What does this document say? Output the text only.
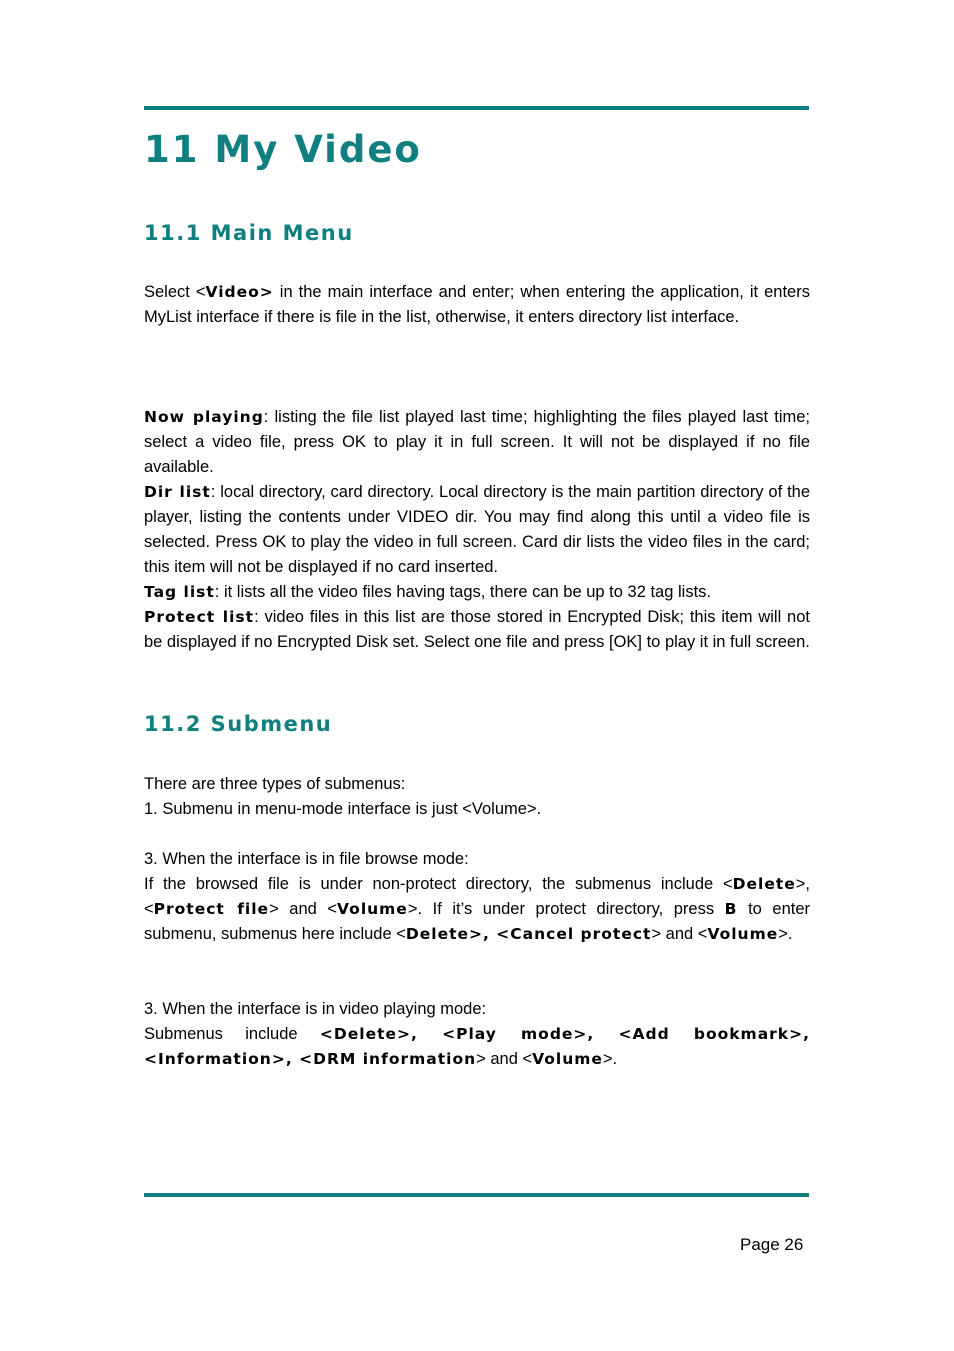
11 My Video
11.1 Main Menu

Select <Video> in the main interface and enter; when entering the application, it enters MyList interface if there is file in the list, otherwise, it enters directory list interface.

Now playing: listing the file list played last time; highlighting the files played last time; select a video file, press OK to play it in full screen. It will not be displayed if no file available.
Dir list: local directory, card directory. Local directory is the main partition directory of the player, listing the contents under VIDEO dir. You may find along this until a video file is selected. Press OK to play the video in full screen. Card dir lists the video files in the card; this item will not be displayed if no card inserted.
Tag list: it lists all the video files having tags, there can be up to 32 tag lists.
Protect list: video files in this list are those stored in Encrypted Disk; this item will not be displayed if no Encrypted Disk set. Select one file and press [OK] to play it in full screen.

11.2 Submenu

There are three types of submenus:
1. Submenu in menu-mode interface is just <Volume>.

3. When the interface is in file browse mode:
If the browsed file is under non-protect directory, the submenus include <Delete>, <Protect file> and <Volume>. If it’s under protect directory, press B to enter submenu, submenus here include <Delete>, <Cancel protect> and <Volume>.

3. When the interface is in video playing mode:
Submenus include <Delete>, <Play mode>, <Add bookmark>, <Information>, <DRM information> and <Volume>.

Page 26
